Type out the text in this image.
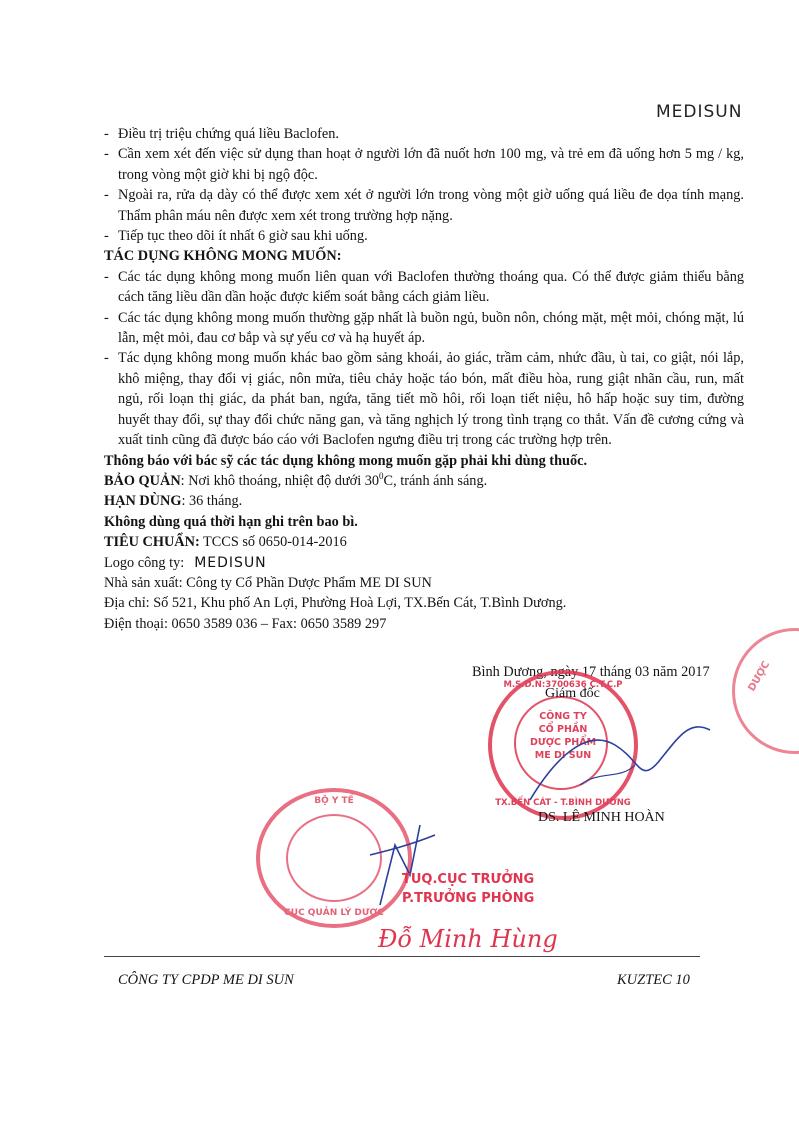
MEDISUN
- Điều trị triệu chứng quá liều Baclofen.
- Cần xem xét đến việc sử dụng than hoạt ở người lớn đã nuốt hơn 100 mg, và trẻ em đã uống hơn 5 mg / kg, trong vòng một giờ khi bị ngộ độc.
- Ngoài ra, rửa dạ dày có thể được xem xét ở người lớn trong vòng một giờ uống quá liều đe dọa tính mạng. Thẩm phân máu nên được xem xét trong trường hợp nặng.
- Tiếp tục theo dõi ít nhất 6 giờ sau khi uống.
TÁC DỤNG KHÔNG MONG MUỐN:
- Các tác dụng không mong muốn liên quan với Baclofen thường thoáng qua. Có thể được giảm thiểu bằng cách tăng liều dần dần hoặc được kiểm soát bằng cách giảm liều.
- Các tác dụng không mong muốn thường gặp nhất là buồn ngủ, buồn nôn, chóng mặt, mệt mỏi, chóng mặt, lú lẫn, mệt mỏi, đau cơ bắp và sự yếu cơ và hạ huyết áp.
- Tác dụng không mong muốn khác bao gồm sảng khoái, ảo giác, trầm cảm, nhức đầu, ù tai, co giật, nói lắp, khô miệng, thay đổi vị giác, nôn mửa, tiêu chảy hoặc táo bón, mất điều hòa, rung giật nhãn cầu, run, mất ngủ, rối loạn thị giác, da phát ban, ngứa, tăng tiết mồ hôi, rối loạn tiết niệu, hô hấp hoặc suy tim, đường huyết thay đổi, sự thay đổi chức năng gan, và tăng nghịch lý trong tình trạng co thắt. Vấn đề cương cứng và xuất tinh cũng đã được báo cáo với Baclofen ngưng điều trị trong các trường hợp trên.
Thông báo với bác sỹ các tác dụng không mong muốn gặp phải khi dùng thuốc.
BẢO QUẢN: Nơi khô thoáng, nhiệt độ dưới $30^0C$, tránh ánh sáng.
HẠN DÙNG: 36 tháng.
Không dùng quá thời hạn ghi trên bao bì.
TIÊU CHUẨN: TCCS số 0650-014-2016
Logo công ty: MEDISUN
Nhà sản xuất: Công ty Cổ Phần Dược Phẩm ME DI SUN
Địa chỉ: Số 521, Khu phố An Lợi, Phường Hoà Lợi, TX.Bến Cát, T.Bình Dương.
Điện thoại: 0650 3589 036 – Fax: 0650 3589 297
Bình Dương, ngày 17 tháng 03 năm 2017
M.S.D.N:3700636 C.T.C.P
CÔNG TY
CỔ PHẦN
DƯỢC PHẨM
ME DI SUN
TX.BẾN CÁT - T.BÌNH DƯƠNG
Giám đốc
DS. LÊ MINH HOÀN
BỘ Y TẾ
CỤC QUẢN LÝ DƯỢC
DƯỢC
TUQ.CỤC TRƯỞNG
P.TRƯỞNG PHÒNG
Đỗ Minh Hùng
CÔNG TY CPDP ME DI SUN	KUZTEC 10
